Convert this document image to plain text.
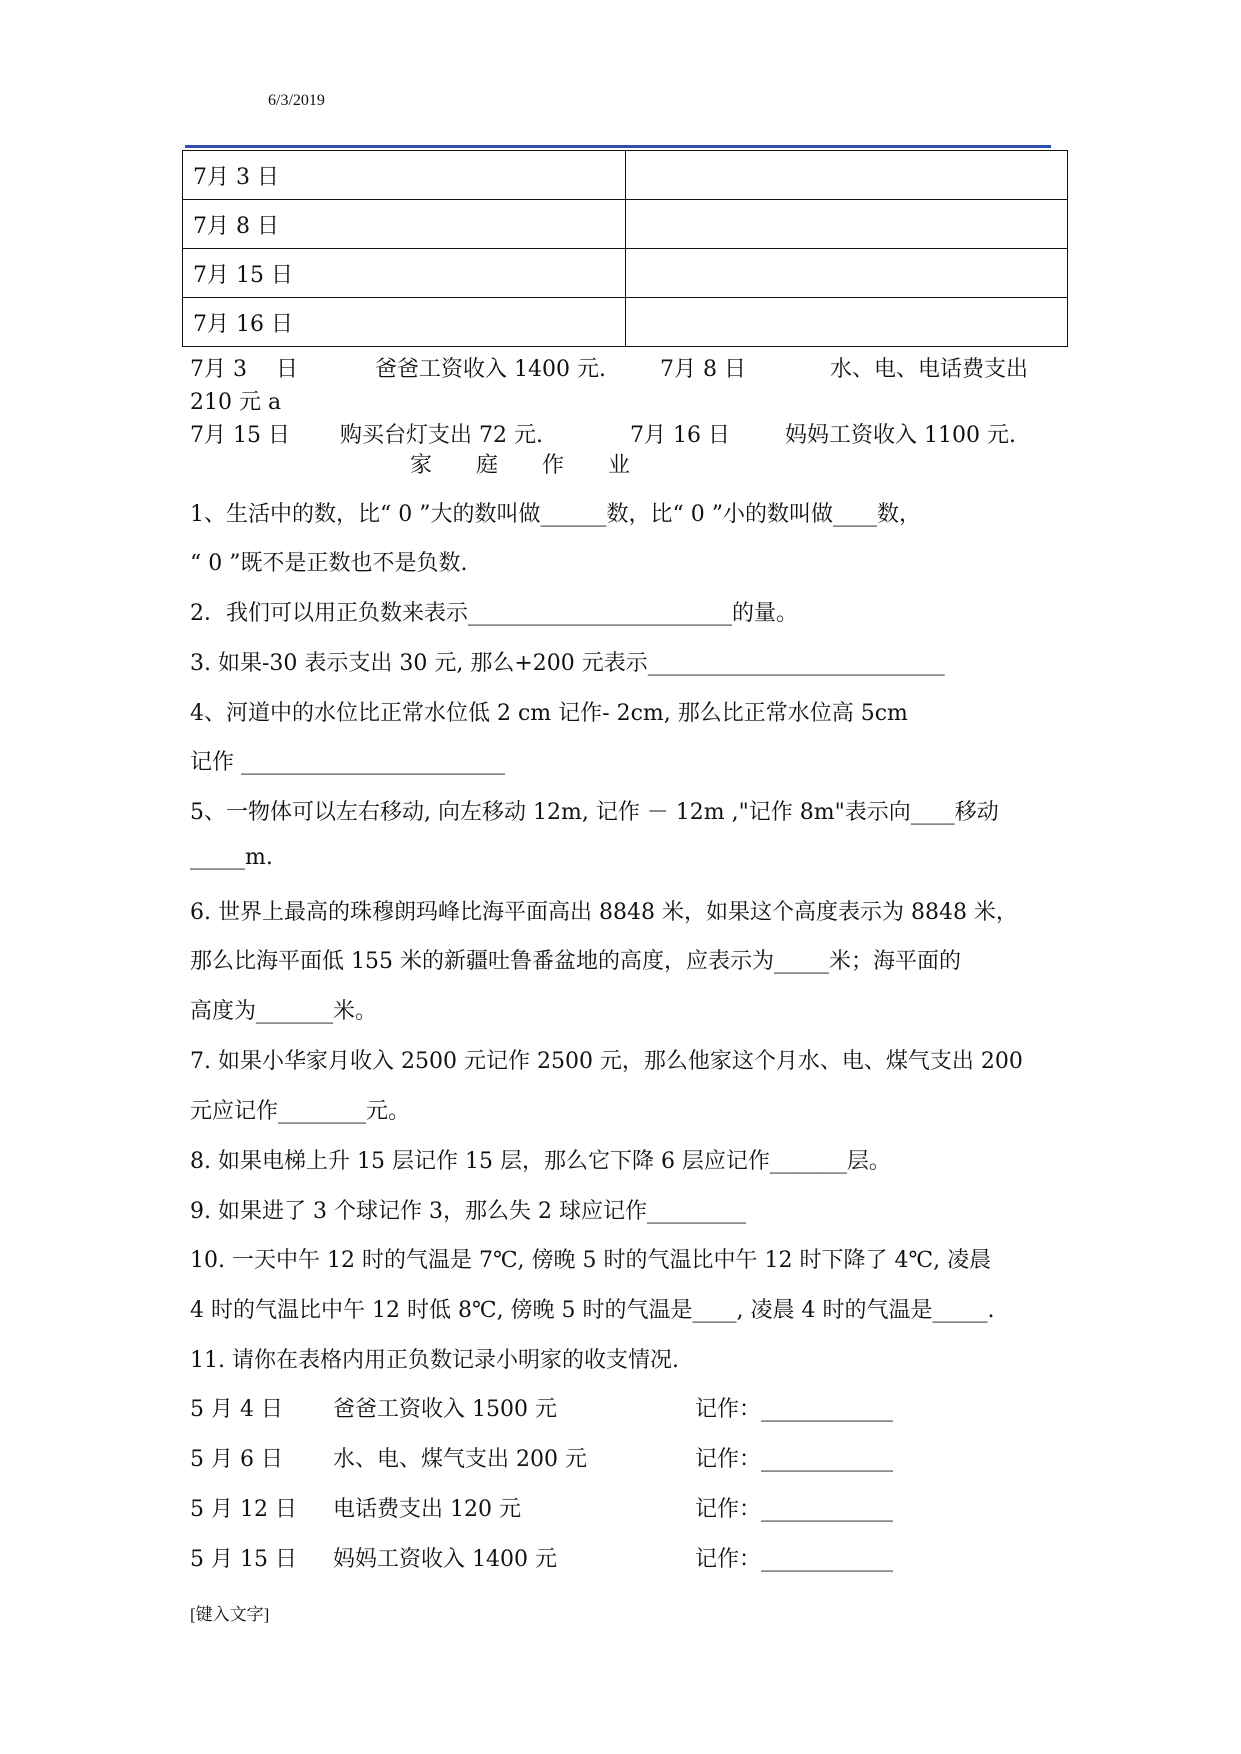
6/3/2019
7月 3 日	
7月 8 日	
7月 15 日	
7月 16 日	
7月 3　 日	爸爸工资收入 1400 元. 7月 8 日	水、电、电话费支出
210 元 a
7月 15 日 购买台灯支出 72 元.	7月 16 日	妈妈工资收入 1100 元.
家　　庭　　作　　业
1、生活中的数，比“ 0 ”大的数叫做______数，比“ 0 ”小的数叫做____数，
“ 0 ”既不是正数也不是负数.
2．我们可以用正负数来表示________________________的量。
3. 如果-30 表示支出 30 元, 那么+200 元表示___________________________
4、河道中的水位比正常水位低 2 cm 记作- 2cm, 那么比正常水位高 5cm
记作 ________________________
5、一物体可以左右移动, 向左移动 12m, 记作 － 12m ,"记作 8m"表示向____移动
_____m.
6. 世界上最高的珠穆朗玛峰比海平面高出 8848 米，如果这个高度表示为 8848 米，
那么比海平面低 155 米的新疆吐鲁番盆地的高度，应表示为_____米；海平面的
高度为_______米。
7. 如果小华家月收入 2500 元记作 2500 元，那么他家这个月水、电、煤气支出 200
元应记作________元。
8. 如果电梯上升 15 层记作 15 层，那么它下降 6 层应记作_______层。
9. 如果进了 3 个球记作 3，那么失 2 球应记作_________
10. 一天中午 12 时的气温是 7℃, 傍晚 5 时的气温比中午 12 时下降了 4℃, 凌晨
4 时的气温比中午 12 时低 8℃, 傍晚 5 时的气温是____, 凌晨 4 时的气温是_____.
11. 请你在表格内用正负数记录小明家的收支情况.
5 月 4 日 爸爸工资收入 1500 元	记作：____________
5 月 6 日 水、电、煤气支出 200 元	记作：____________
5 月 12 日 电话费支出 120 元	记作：____________
5 月 15 日 妈妈工资收入 1400 元	记作：____________
[键入文字]
